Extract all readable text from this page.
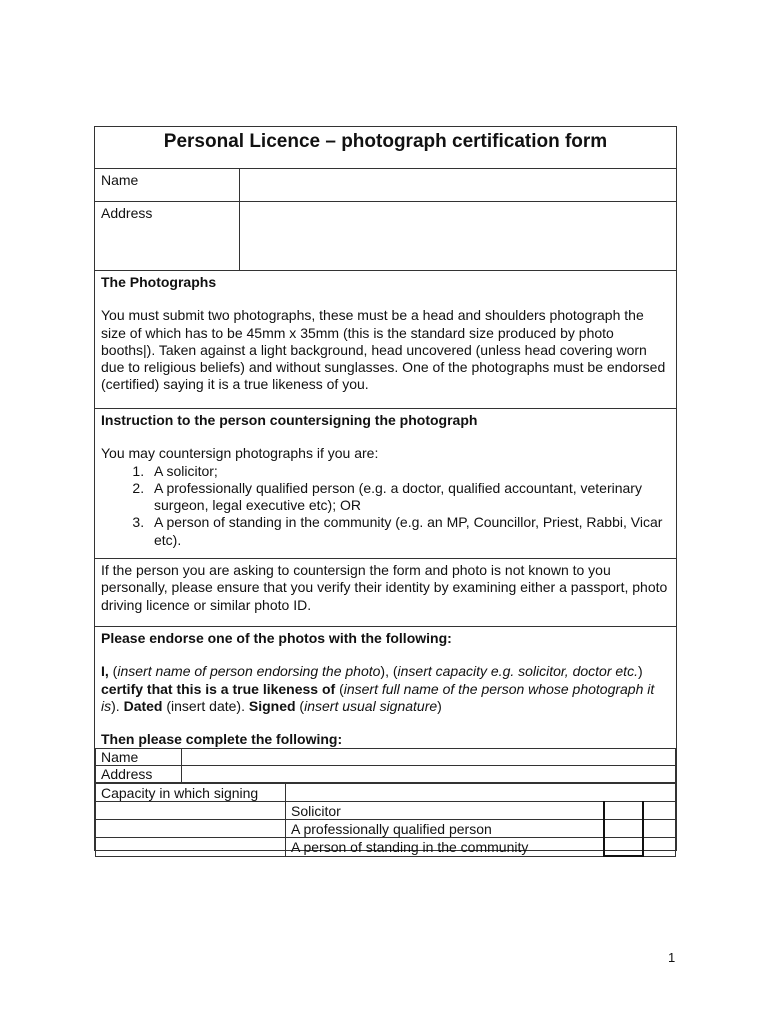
Personal Licence – photograph certification form
Name
Address
The Photographs
You must submit two photographs, these must be a head and shoulders photograph the size of which has to be 45mm x 35mm (this is the standard size produced by photo booths|). Taken against a light background, head uncovered (unless head covering worn due to religious beliefs) and without sunglasses. One of the photographs must be endorsed (certified) saying it is a true likeness of you.
Instruction to the person countersigning the photograph
You may countersign photographs if you are:
1. A solicitor;
2. A professionally qualified person (e.g. a doctor, qualified accountant, veterinary surgeon, legal executive etc); OR
3. A person of standing in the community (e.g. an MP, Councillor, Priest, Rabbi, Vicar etc).
If the person you are asking to countersign the form and photo is not known to you personally, please ensure that you verify their identity by examining either a passport, photo driving licence or similar photo ID.
Please endorse one of the photos with the following:
I, (insert name of person endorsing the photo), (insert capacity e.g. solicitor, doctor etc.) certify that this is a true likeness of (insert full name of the person whose photograph it is). Dated (insert date). Signed (insert usual signature)
Then please complete the following:
Name	
Address	
Capacity in which signing			
	Solicitor		
	A professionally qualified person		
	A person of standing in the community		
1
